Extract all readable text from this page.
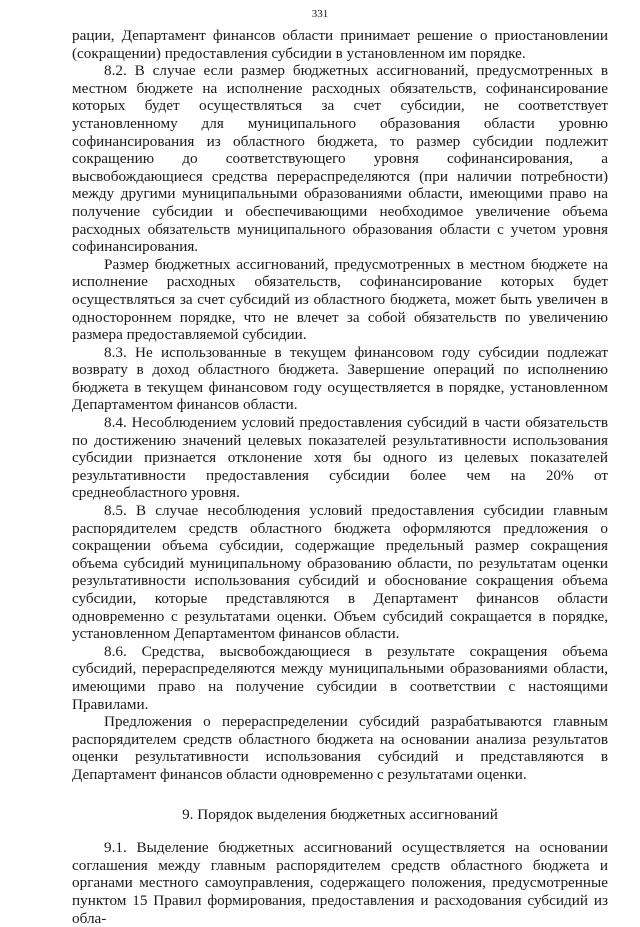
331

рации, Департамент финансов области принимает решение о приостановлении (сокращении) предоставления субсидии в установленном им порядке.

8.2. В случае если размер бюджетных ассигнований, предусмотренных в местном бюджете на исполнение расходных обязательств, софинансирование которых будет осуществляться за счет субсидии, не соответствует установленному для муниципального образования области уровню софинансирования из областного бюджета, то размер субсидии подлежит сокращению до соответствующего уровня софинансирования, а высвобождающиеся средства перераспределяются (при наличии потребности) между другими муниципальными образованиями области, имеющими право на получение субсидии и обеспечивающими необходимое увеличение объема расходных обязательств муниципального образования области с учетом уровня софинансирования.

Размер бюджетных ассигнований, предусмотренных в местном бюджете на исполнение расходных обязательств, софинансирование которых будет осуществляться за счет субсидий из областного бюджета, может быть увеличен в одностороннем порядке, что не влечет за собой обязательств по увеличению размера предоставляемой субсидии.

8.3. Не использованные в текущем финансовом году субсидии подлежат возврату в доход областного бюджета. Завершение операций по исполнению бюджета в текущем финансовом году осуществляется в порядке, установленном Департаментом финансов области.

8.4. Несоблюдением условий предоставления субсидий в части обязательств по достижению значений целевых показателей результативности использования субсидии признается отклонение хотя бы одного из целевых показателей результативности предоставления субсидии более чем на 20% от среднеобластного уровня.

8.5. В случае несоблюдения условий предоставления субсидии главным распорядителем средств областного бюджета оформляются предложения о сокращении объема субсидии, содержащие предельный размер сокращения объема субсидий муниципальному образованию области, по результатам оценки результативности использования субсидий и обоснование сокращения объема субсидии, которые представляются в Департамент финансов области одновременно с результатами оценки. Объем субсидий сокращается в порядке, установленном Департаментом финансов области.

8.6. Средства, высвобождающиеся в результате сокращения объема субсидий, перераспределяются между муниципальными образованиями области, имеющими право на получение субсидии в соответствии с настоящими Правилами.

Предложения о перераспределении субсидий разрабатываются главным распорядителем средств областного бюджета на основании анализа результатов оценки результативности использования субсидий и представляются в Департамент финансов области одновременно с результатами оценки.

9. Порядок выделения бюджетных ассигнований

9.1. Выделение бюджетных ассигнований осуществляется на основании соглашения между главным распорядителем средств областного бюджета и органами местного самоуправления, содержащего положения, предусмотренные пунктом 15 Правил формирования, предоставления и расходования субсидий из обла-
